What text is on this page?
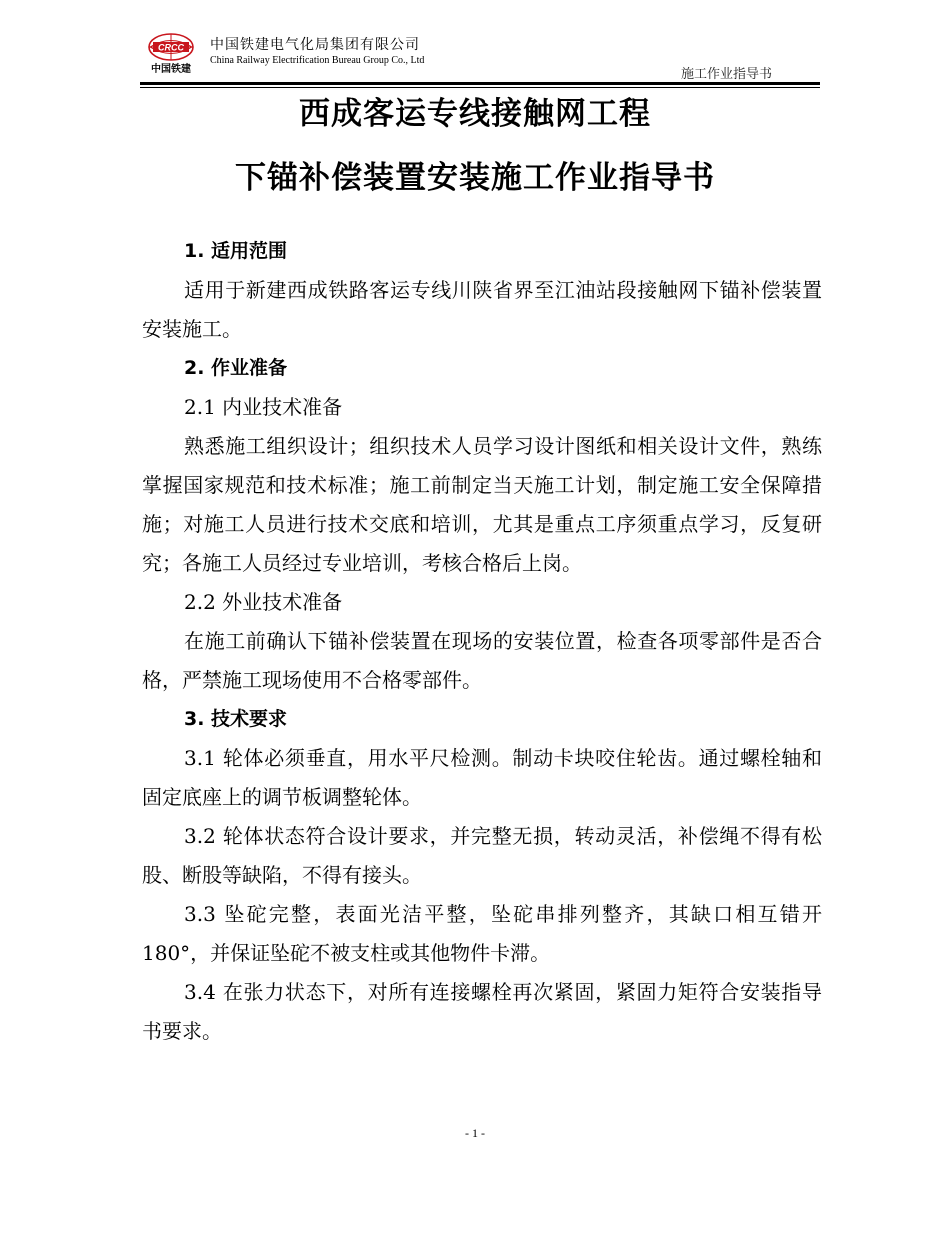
CRCC
中国铁建
中国铁建电气化局集团有限公司
China Railway Electrification Bureau Group Co., Ltd
施工作业指导书
西成客运专线接触网工程
下锚补偿装置安装施工作业指导书
1. 适用范围
适用于新建西成铁路客运专线川陕省界至江油站段接触网下锚补偿装置安装施工。
2. 作业准备
2.1 内业技术准备
熟悉施工组织设计；组织技术人员学习设计图纸和相关设计文件，熟练掌握国家规范和技术标准；施工前制定当天施工计划，制定施工安全保障措施；对施工人员进行技术交底和培训，尤其是重点工序须重点学习，反复研究；各施工人员经过专业培训，考核合格后上岗。
2.2 外业技术准备
在施工前确认下锚补偿装置在现场的安装位置，检查各项零部件是否合格，严禁施工现场使用不合格零部件。
3. 技术要求
3.1 轮体必须垂直，用水平尺检测。制动卡块咬住轮齿。通过螺栓轴和固定底座上的调节板调整轮体。
3.2 轮体状态符合设计要求，并完整无损，转动灵活，补偿绳不得有松股、断股等缺陷，不得有接头。
3.3 坠砣完整，表面光洁平整，坠砣串排列整齐，其缺口相互错开180°，并保证坠砣不被支柱或其他物件卡滞。
3.4 在张力状态下，对所有连接螺栓再次紧固，紧固力矩符合安装指导书要求。
- 1 -
